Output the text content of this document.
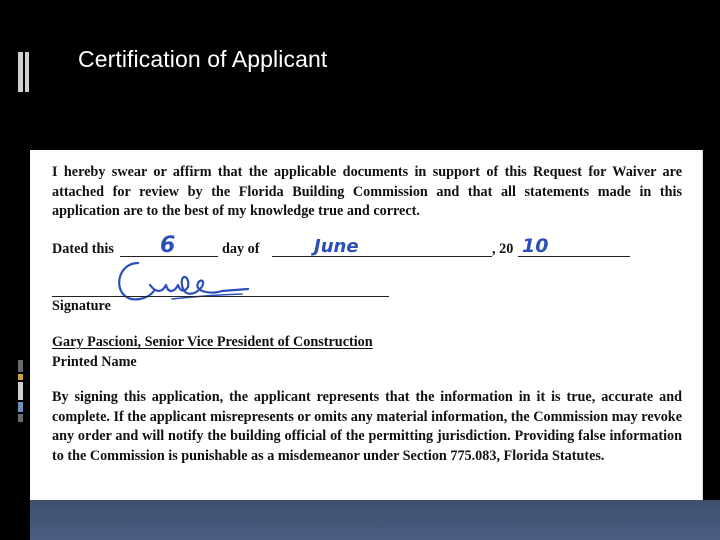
Certification of Applicant

I hereby swear or affirm that the applicable documents in support of this Request for Waiver are attached for review by the Florida Building Commission and that all statements made in this application are to the best of my knowledge true and correct.

Dated this 6	day of	June	, 20 10
Signature
Gary Pascioni, Senior Vice President of Construction
Printed Name

By signing this application, the applicant represents that the information in it is true, accurate and complete. If the applicant misrepresents or omits any material information, the Commission may revoke any order and will notify the building official of the permitting jurisdiction. Providing false information to the Commission is punishable as a misdemeanor under Section 775.083, Florida Statutes.
